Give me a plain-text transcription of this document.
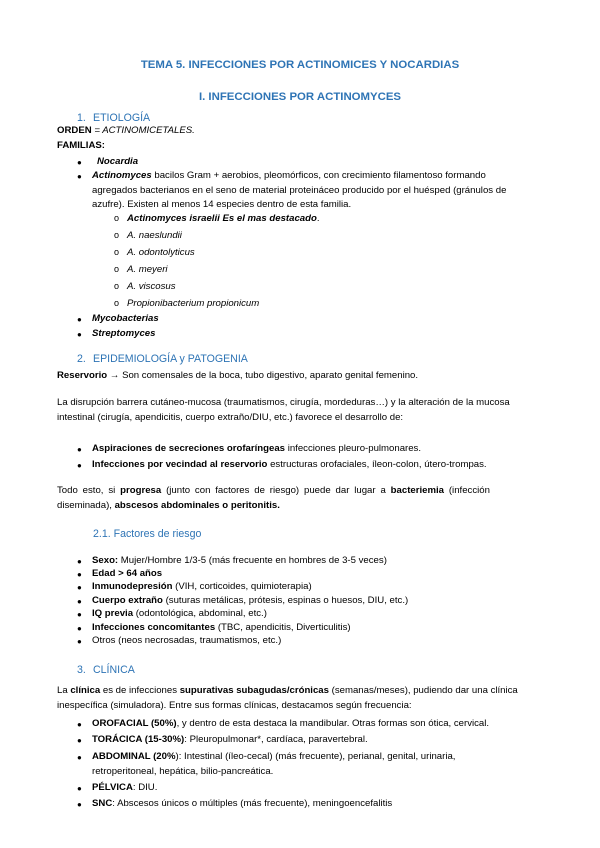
TEMA 5. INFECCIONES POR ACTINOMICES Y NOCARDIAS
I. INFECCIONES POR ACTINOMYCES
1. ETIOLOGÍA
ORDEN = ACTINOMICETALES.
FAMILIAS:
● Nocardia
● Actinomyces bacilos Gram + aerobios, pleomórficos, con crecimiento filamentoso formando
agregados bacterianos en el seno de material proteináceo producido por el huésped (gránulos de
azufre). Existen al menos 14 especies dentro de esta familia.
o Actinomyces israelii Es el mas destacado.
o A. naeslundii
o A. odontolyticus
o A. meyeri
o A. viscosus
o Propionibacterium propionicum
● Mycobacterias
● Streptomyces
2. EPIDEMIOLOGÍA y PATOGENIA
Reservorio → Son comensales de la boca, tubo digestivo, aparato genital femenino.
La disrupción barrera cutáneo-mucosa (traumatismos, cirugía, mordeduras…) y la alteración de la mucosa
intestinal (cirugía, apendicitis, cuerpo extraño/DIU, etc.) favorece el desarrollo de:
● Aspiraciones de secreciones orofaríngeas infecciones pleuro-pulmonares.
● Infecciones por vecindad al reservorio estructuras orofaciales, íleon-colon, útero-trompas.
Todo esto, si progresa (junto con factores de riesgo) puede dar lugar a bacteriemia (infección
diseminada), abscesos abdominales o peritonitis.
2.1. Factores de riesgo
● Sexo: Mujer/Hombre 1/3-5 (más frecuente en hombres de 3-5 veces)
● Edad > 64 años
● Inmunodepresión (VIH, corticoides, quimioterapia)
● Cuerpo extraño (suturas metálicas, prótesis, espinas o huesos, DIU, etc.)
● IQ previa (odontológica, abdominal, etc.)
● Infecciones concomitantes (TBC, apendicitis, Diverticulitis)
● Otros (neos necrosadas, traumatismos, etc.)
3. CLÍNICA
La clínica es de infecciones supurativas subagudas/crónicas (semanas/meses), pudiendo dar una clínica
inespecífica (simuladora). Entre sus formas clínicas, destacamos según frecuencia:
● OROFACIAL (50%), y dentro de esta destaca la mandibular. Otras formas son ótica, cervical.
● TORÁCICA (15-30%): Pleuropulmonar*, cardíaca, paravertebral.
● ABDOMINAL (20%): Intestinal (íleo-cecal) (más frecuente), perianal, genital, urinaria,
retroperitoneal, hepática, bilio-pancreática.
● PÉLVICA: DIU.
● SNC: Abscesos únicos o múltiples (más frecuente), meningoencefalitis
